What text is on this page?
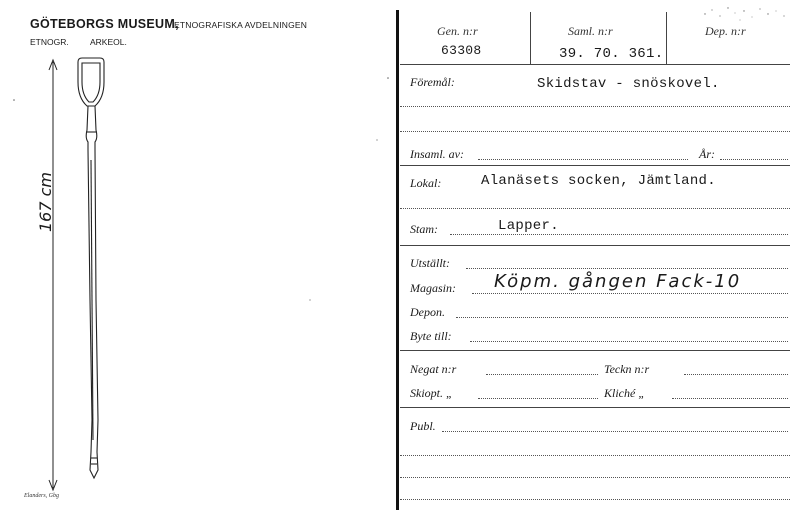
GÖTEBORGS MUSEUM,
ETNOGRAFISKA AVDELNINGEN
ETNOGR.	ARKEOL.
167 cm
Elanders, Gbg
Gen. n:r
63308
Saml. n:r
39. 70. 361.
Dep. n:r
Föremål:	Skidstav - snöskovel.
Insaml. av:	År:
Lokal:	Alanäsets socken, Jämtland.
Stam:	Lapper.
Utställt:
Magasin: Köpm. gången Fack-10
Depon.
Byte till:
Negat n:r	Teckn n:r
Skiopt. „	Kliché „
Publ.
